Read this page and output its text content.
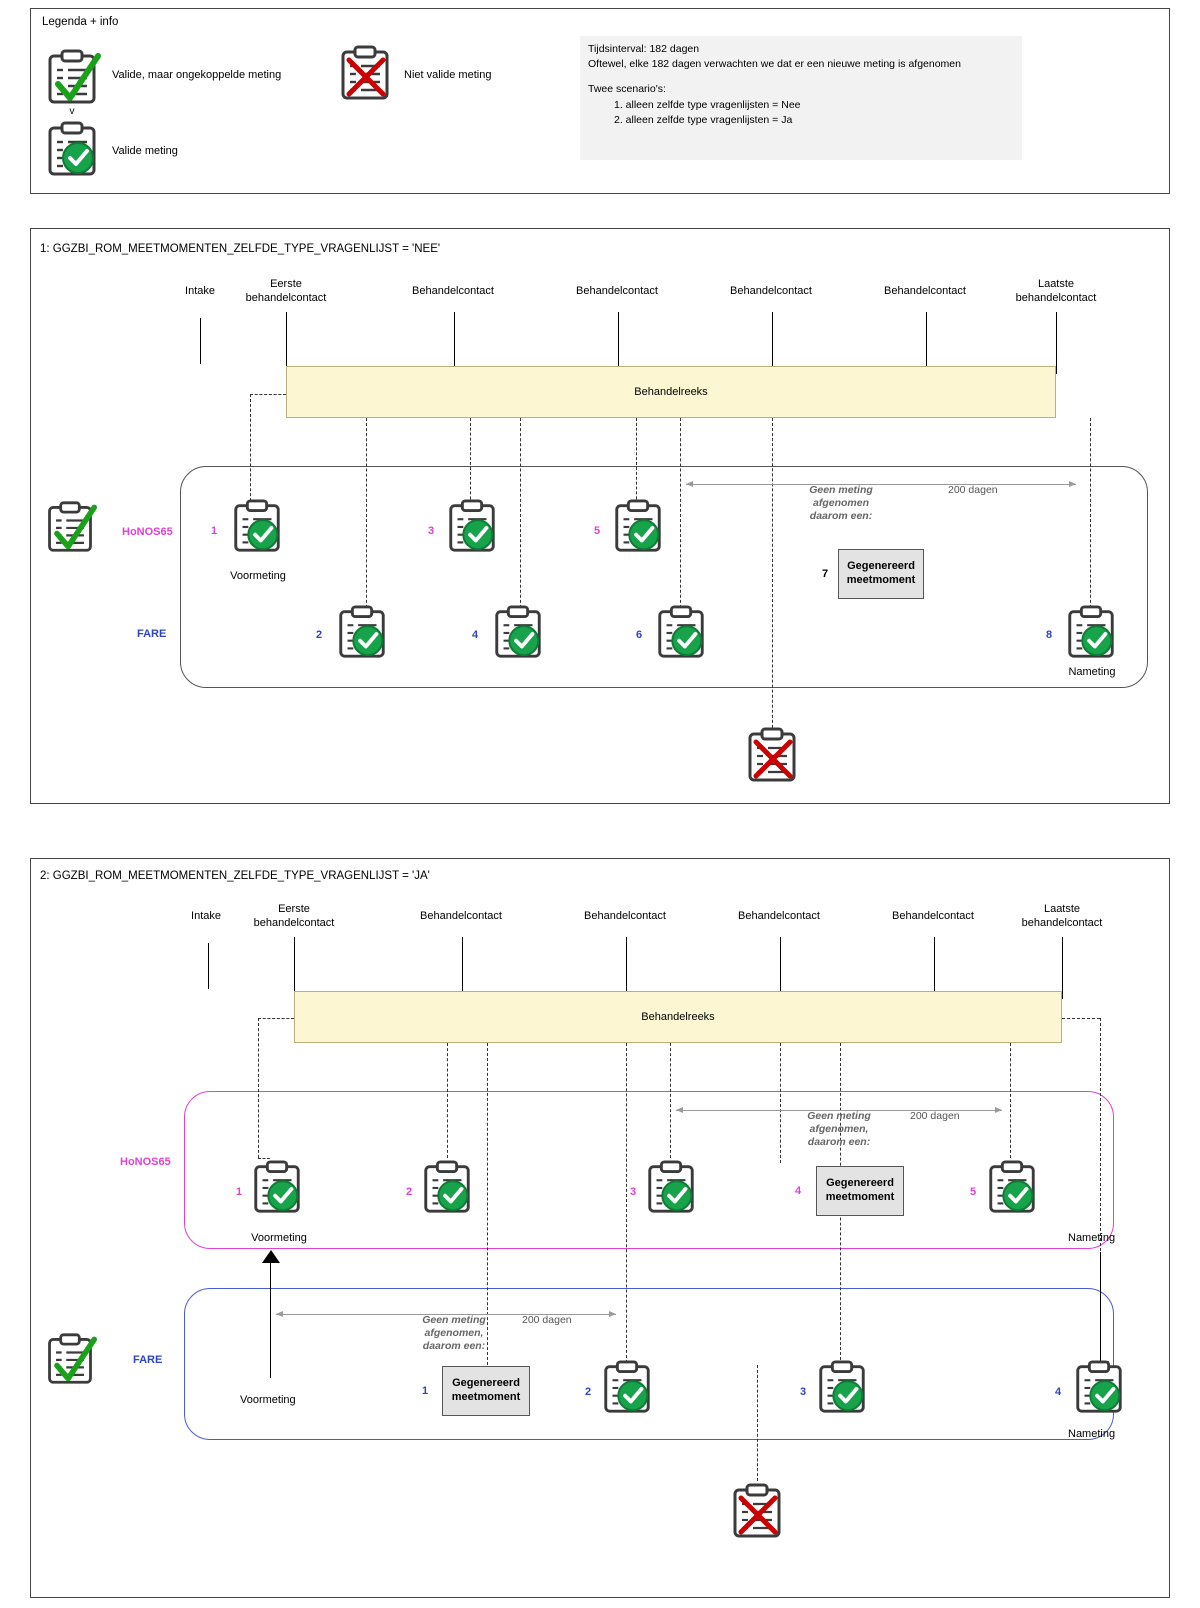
Legenda + info
Valide, maar ongekoppelde meting
v
Valide meting
Niet valide meting
Tijdsinterval: 182 dagen
Oftewel, elke 182 dagen verwachten we dat er een nieuwe meting is afgenomen
Twee scenario's:
1. alleen zelfde type vragenlijsten = Nee
2. alleen zelfde type vragenlijsten = Ja
1: GGZBI_ROM_MEETMOMENTEN_ZELFDE_TYPE_VRAGENLIJST = 'NEE'
Intake
Eerste
behandelcontact
Behandelcontact	Behandelcontact	Behandelcontact	Behandelcontact
Laatste
behandelcontact
Behandelreeks
HoNOS65
FARE
1
Voormeting
3	5
Geen meting
afgenomen
daarom een:
200 dagen
7
Gegenereerd
meetmoment
2	4	6	8
Nameting
2: GGZBI_ROM_MEETMOMENTEN_ZELFDE_TYPE_VRAGENLIJST = 'JA'
Intake
Eerste
behandelcontact
Behandelcontact	Behandelcontact	Behandelcontact	Behandelcontact
Laatste
behandelcontact
Behandelreeks
HoNOS65
FARE
1
Voormeting
2	3
Geen meting
afgenomen,
daarom een:
200 dagen
4
Gegenereerd
meetmoment	5
Nameting
Geen meting
afgenomen,
daarom een:
200 dagen
Voormeting
1
Gegenereerd
meetmoment	2	3	4
Nameting
